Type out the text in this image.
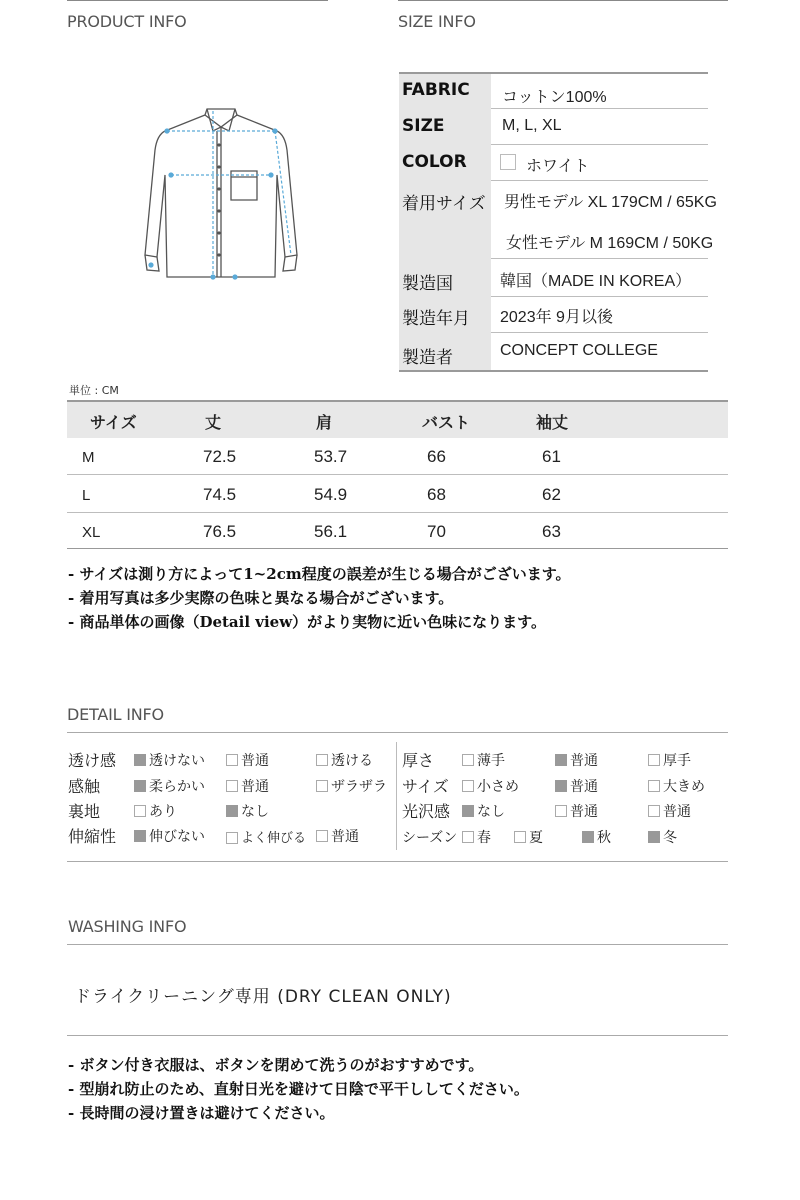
PRODUCT INFO	SIZE INFO
FABRIC コットン100%
SIZE	M, L, XL
COLOR	ホワイト
着用サイズ 男性モデル XL 179CM / 65KG
女性モデル M 169CM / 50KG
製造国	韓国（MADE IN KOREA）
製造年月 2023年 9月以後
製造者	CONCEPT COLLEGE
単位 : CM
サイズ	丈	肩	バスト	袖丈
M	72.5	53.7	66	61
L	74.5	54.9	68	62
XL	76.5	56.1	70	63
- サイズは測り方によって1~2cm程度の誤差が生じる場合がございます。
- 着用写真は多少実際の色味と異なる場合がございます。
- 商品単体の画像（Detail view）がより実物に近い色味になります。
DETAIL INFO
透け感	透けない	普通	透ける
感触	柔らかい	普通	ザラザラ
裏地	あり	なし
伸縮性	伸びない	よく伸びる	普通
厚さ	薄手	普通	厚手
サイズ	小さめ	普通	大きめ
光沢感	なし	普通	普通
シーズン	春	夏	秋	冬
WASHING INFO
ドライクリーニング専用 (DRY CLEAN ONLY)
- ボタン付き衣服は、ボタンを閉めて洗うのがおすすめです。
- 型崩れ防止のため、直射日光を避けて日陰で平干ししてください。
- 長時間の浸け置きは避けてください。
